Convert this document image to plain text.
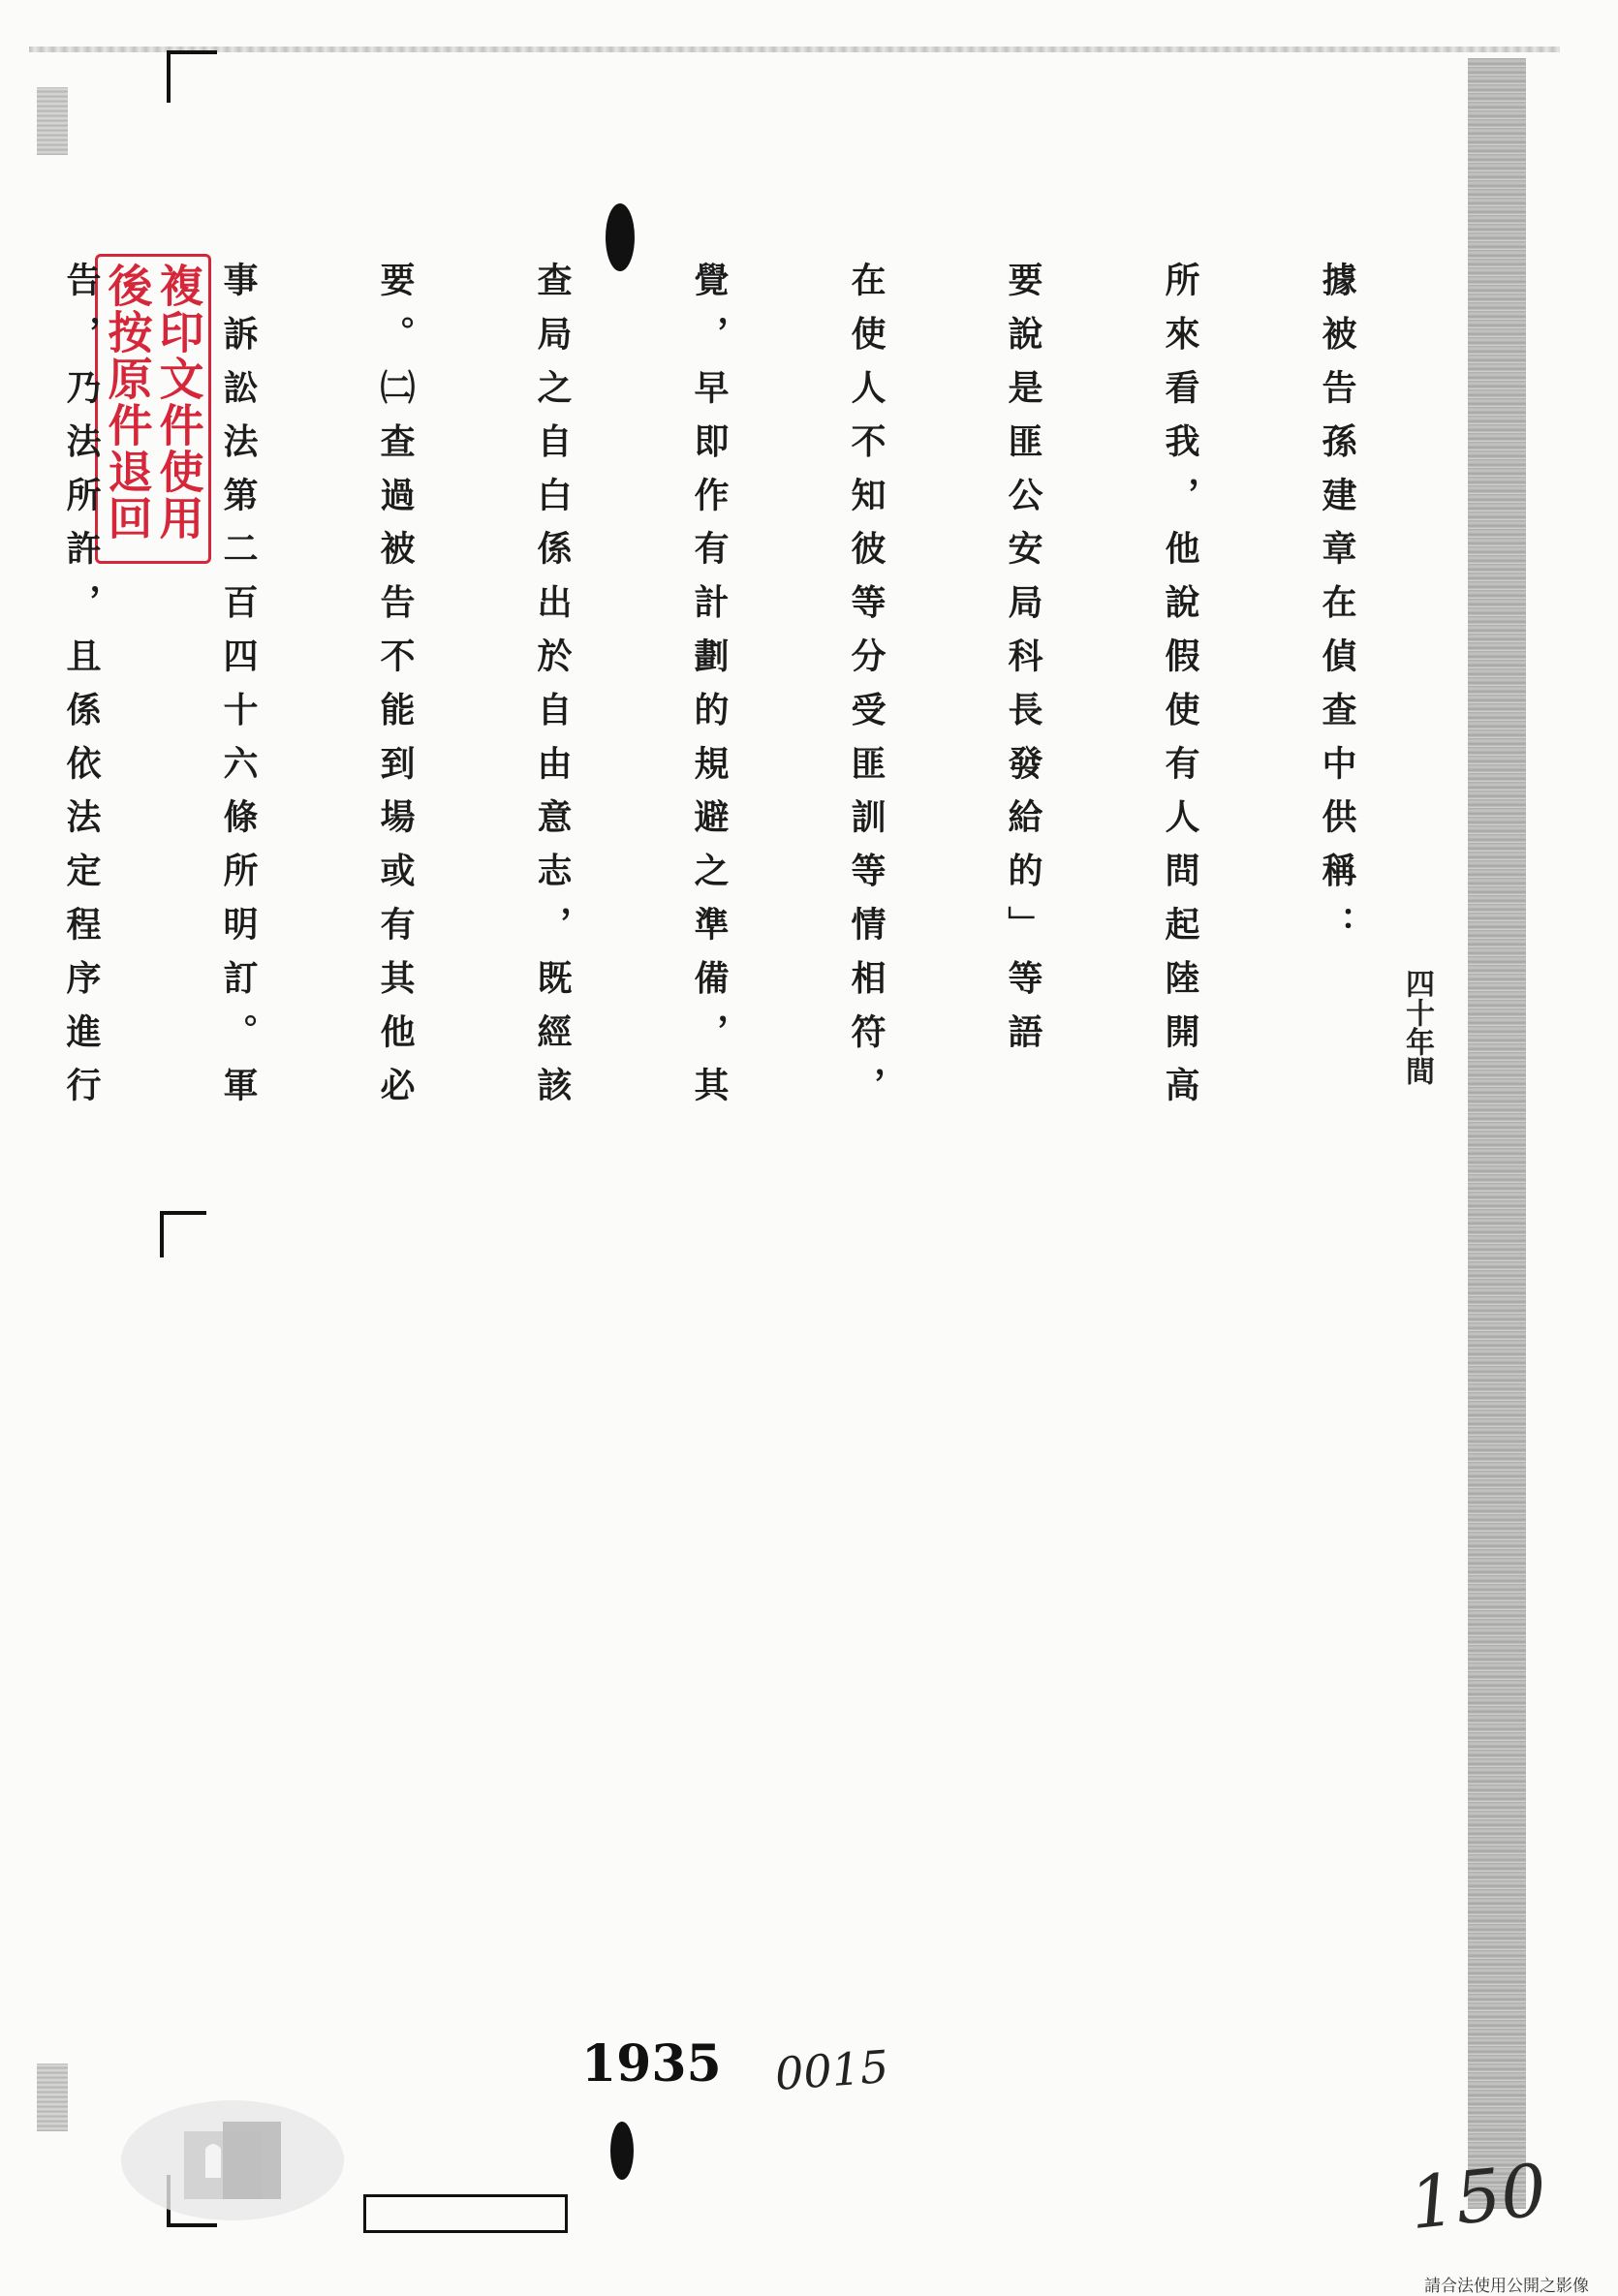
複印文件使用
後按原件退回

	據被告孫建章在偵查中供稱：

所來看我，他說假使有人問起陸開高

要說是匪公安局科長發給的」等語

在使人不知彼等分受匪訓等情相符，

覺，早即作有計劃的規避之準備，其

查局之自白係出於自由意志，既經該

要。㈡查過被告不能到場或有其他必

事訴訟法第二百四十六條所明訂。軍

告，乃法所許，且係依法定程序進行

	四十年間
1935 0015
150
請合法使用公開之影像
